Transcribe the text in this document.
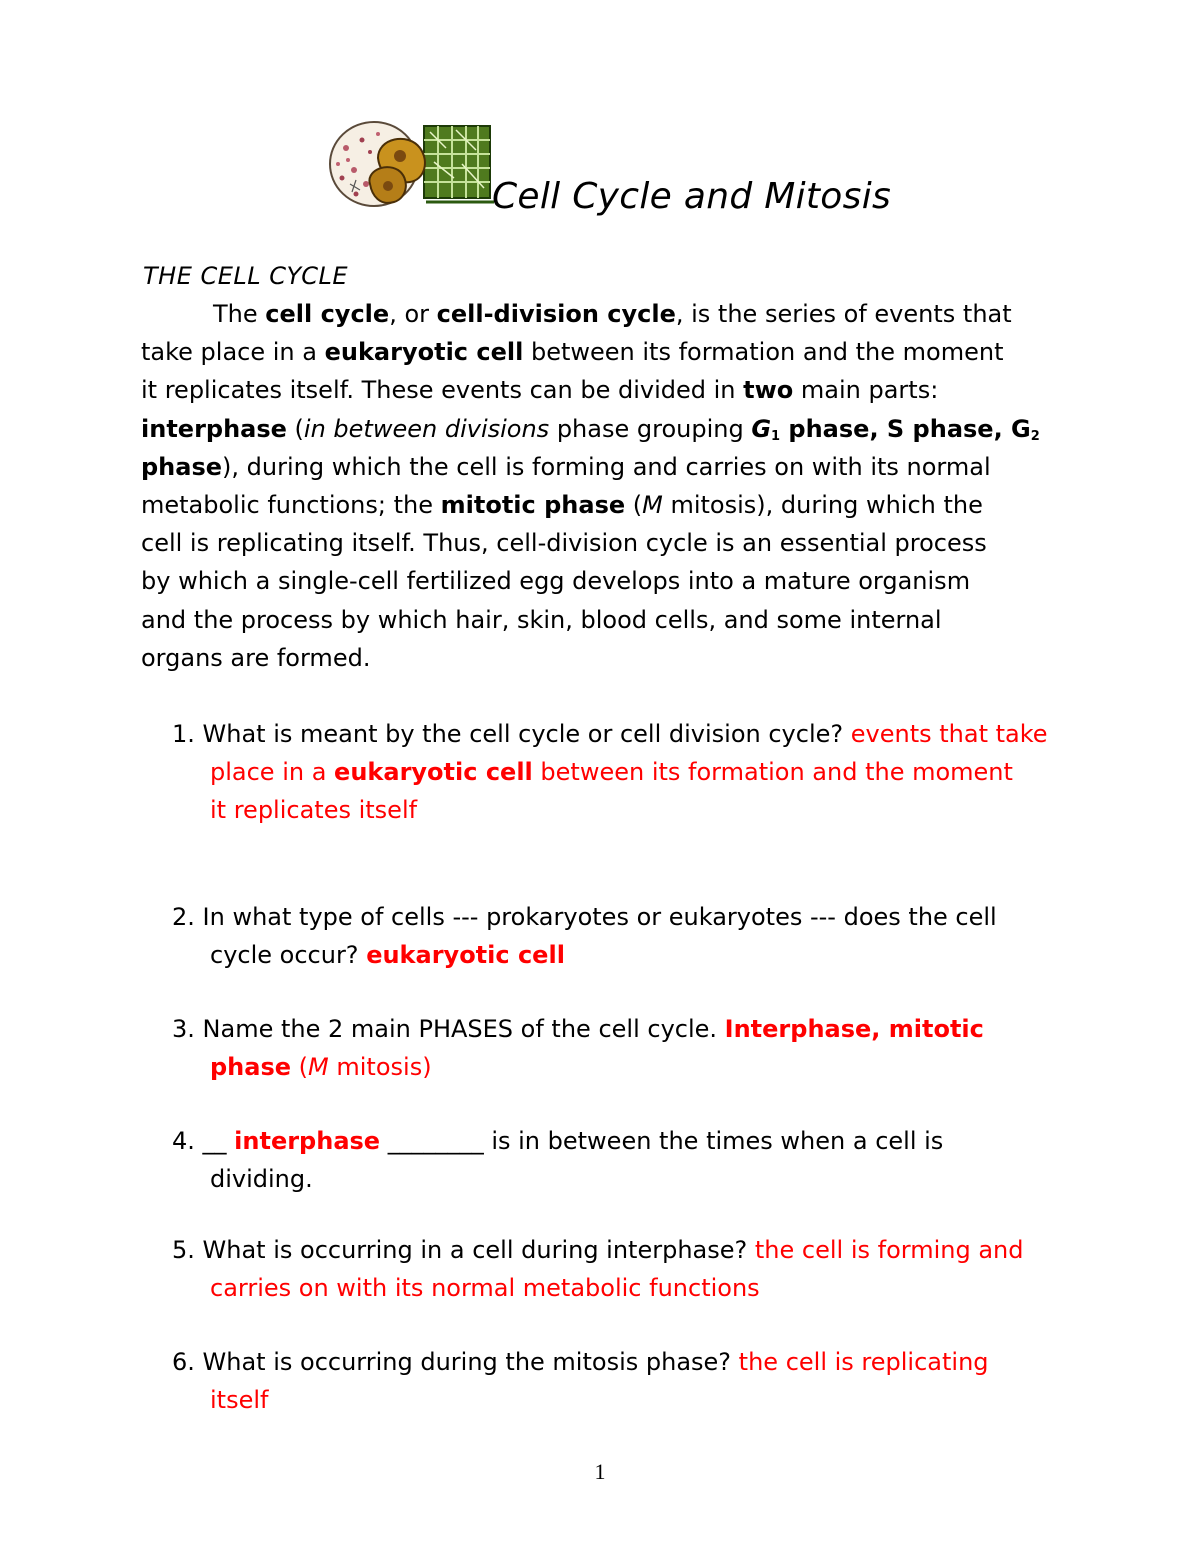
Cell Cycle and Mitosis
THE CELL CYCLE
The cell cycle, or cell-division cycle, is the series of events that
take place in a eukaryotic cell between its formation and the moment
it replicates itself. These events can be divided in two main parts:
interphase (in between divisions phase grouping $G_1$ phase, S phase, $G_2$
phase), during which the cell is forming and carries on with its normal
metabolic functions; the mitotic phase (M mitosis), during which the
cell is replicating itself. Thus, cell-division cycle is an essential process
by which a single-cell fertilized egg develops into a mature organism
and the process by which hair, skin, blood cells, and some internal
organs are formed.
1. What is meant by the cell cycle or cell division cycle? events that take
place in a eukaryotic cell between its formation and the moment
it replicates itself
2. In what type of cells --- prokaryotes or eukaryotes --- does the cell
cycle occur? eukaryotic cell
3. Name the 2 main PHASES of the cell cycle. Interphase, mitotic
phase (M mitosis)
4. __ interphase ________ is in between the times when a cell is
dividing.
5. What is occurring in a cell during interphase? the cell is forming and
carries on with its normal metabolic functions
6. What is occurring during the mitosis phase? the cell is replicating
itself
1
